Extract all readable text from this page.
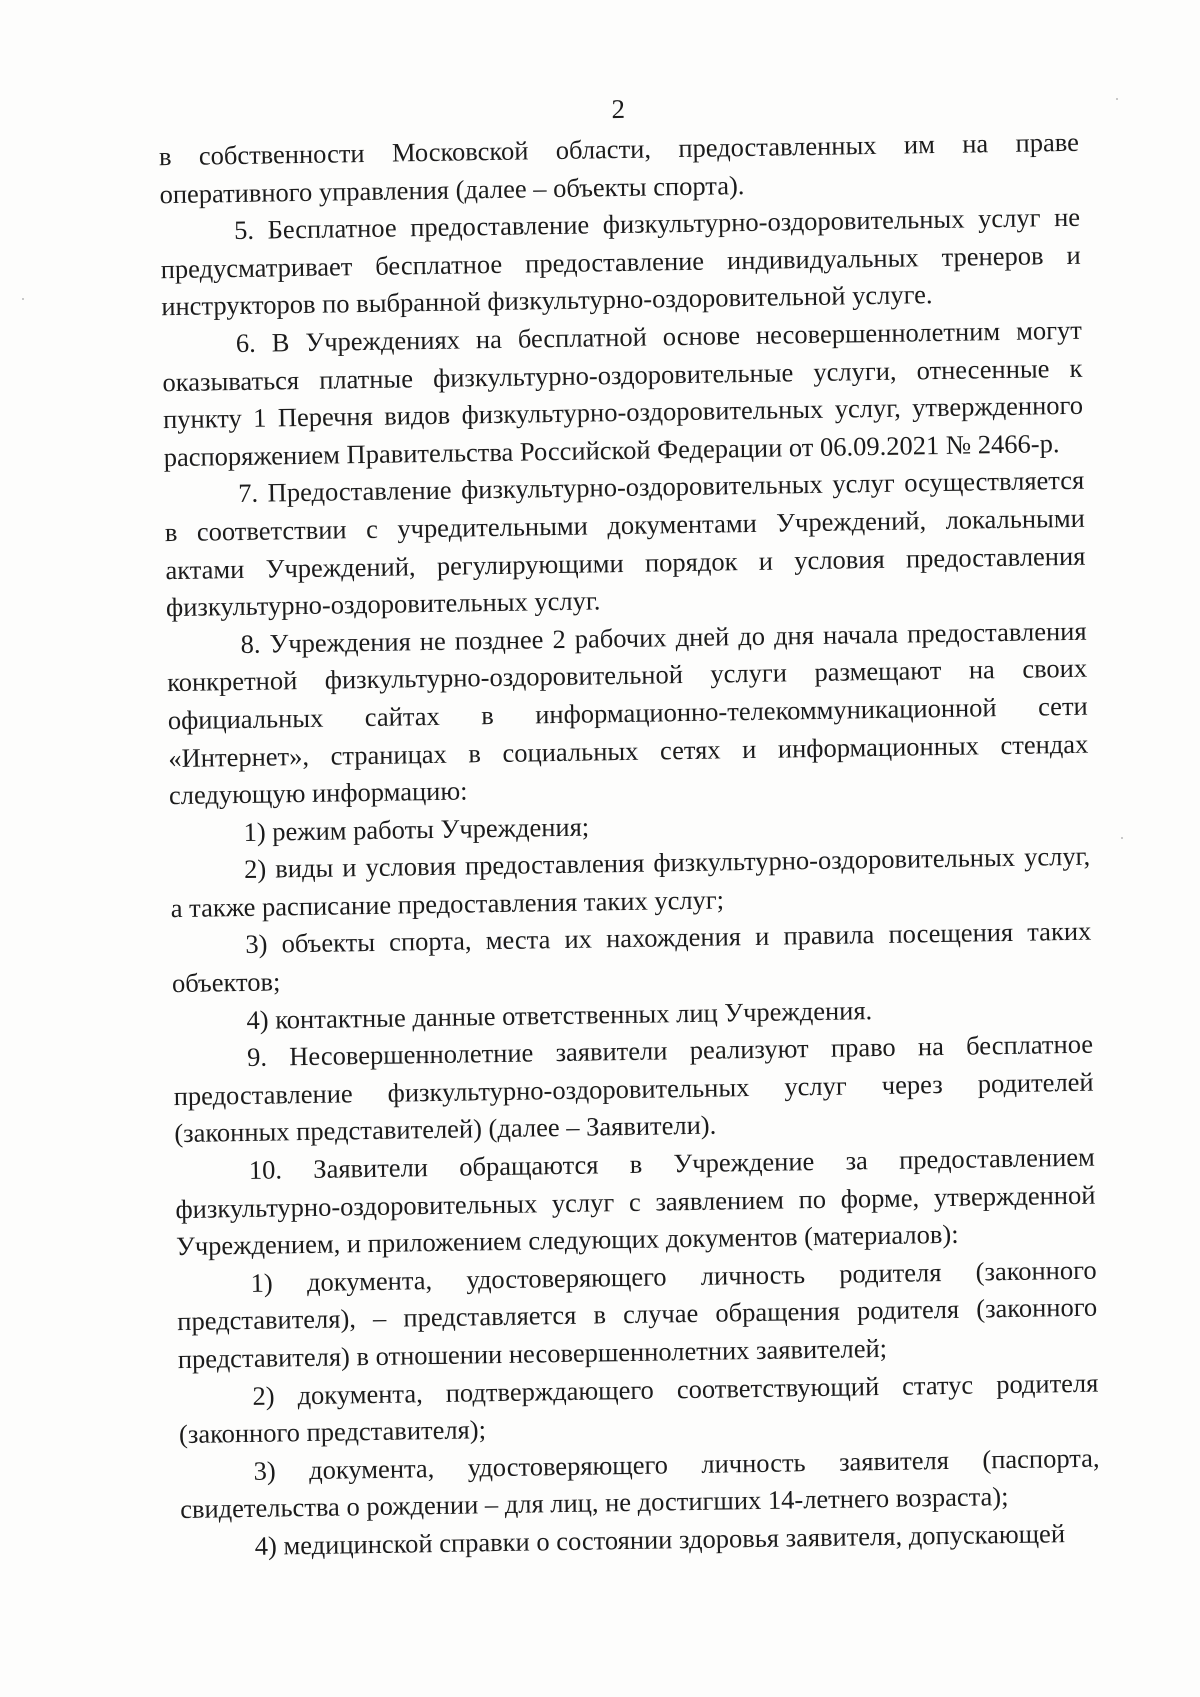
2

в собственности Московской области, предоставленных им на праве оперативного управления (далее – объекты спорта).

5. Бесплатное предоставление физкультурно-оздоровительных услуг не предусматривает бесплатное предоставление индивидуальных тренеров и инструкторов по выбранной физкультурно-оздоровительной услуге.

6. В Учреждениях на бесплатной основе несовершеннолетним могут оказываться платные физкультурно-оздоровительные услуги, отнесенные к пункту 1 Перечня видов физкультурно-оздоровительных услуг, утвержденного распоряжением Правительства Российской Федерации от 06.09.2021 № 2466-р.

7. Предоставление физкультурно-оздоровительных услуг осуществляется в соответствии с учредительными документами Учреждений, локальными актами Учреждений, регулирующими порядок и условия предоставления физкультурно-оздоровительных услуг.

8. Учреждения не позднее 2 рабочих дней до дня начала предоставления конкретной физкультурно-оздоровительной услуги размещают на своих официальных сайтах в информационно-телекоммуникационной сети «Интернет», страницах в социальных сетях и информационных стендах следующую информацию:

1) режим работы Учреждения;

2) виды и условия предоставления физкультурно-оздоровительных услуг, а также расписание предоставления таких услуг;

3) объекты спорта, места их нахождения и правила посещения таких объектов;

4) контактные данные ответственных лиц Учреждения.

9. Несовершеннолетние заявители реализуют право на бесплатное предоставление физкультурно-оздоровительных услуг через родителей (законных представителей) (далее – Заявители).

10. Заявители обращаются в Учреждение за предоставлением физкультурно-оздоровительных услуг с заявлением по форме, утвержденной Учреждением, и приложением следующих документов (материалов):

1) документа, удостоверяющего личность родителя (законного представителя), – представляется в случае обращения родителя (законного представителя) в отношении несовершеннолетних заявителей;

2) документа, подтверждающего соответствующий статус родителя (законного представителя);

3) документа, удостоверяющего личность заявителя (паспорта, свидетельства о рождении – для лиц, не достигших 14-летнего возраста);

4) медицинской справки о состоянии здоровья заявителя, допускающей
